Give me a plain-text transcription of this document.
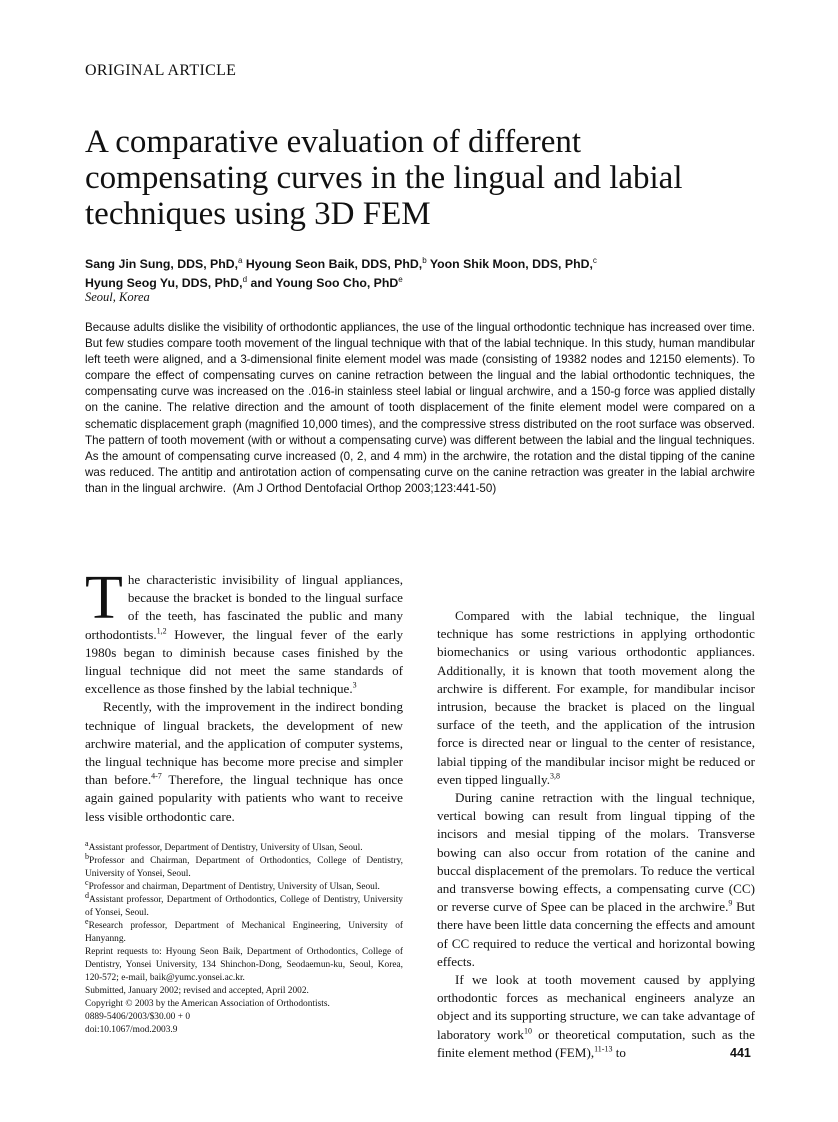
ORIGINAL ARTICLE
A comparative evaluation of different compensating curves in the lingual and labial techniques using 3D FEM
Sang Jin Sung, DDS, PhD,$^a$ Hyoung Seon Baik, DDS, PhD,$^b$ Yoon Shik Moon, DDS, PhD,$^c$
Hyung Seog Yu, DDS, PhD,$^d$ and Young Soo Cho, PhD$^e$
Seoul, Korea

Because adults dislike the visibility of orthodontic appliances, the use of the lingual orthodontic technique has increased over time. But few studies compare tooth movement of the lingual technique with that of the labial technique. In this study, human mandibular left teeth were aligned, and a 3-dimensional finite element model was made (consisting of 19382 nodes and 12150 elements). To compare the effect of compensating curves on canine retraction between the lingual and the labial orthodontic techniques, the compensating curve was increased on the .016-in stainless steel labial or lingual archwire, and a 150-g force was applied distally on the canine. The relative direction and the amount of tooth displacement of the finite element model were compared on a schematic displacement graph (magnified 10,000 times), and the compressive stress distributed on the root surface was observed. The pattern of tooth movement (with or without a compensating curve) was different between the labial and the lingual techniques. As the amount of compensating curve increased (0, 2, and 4 mm) in the archwire, the rotation and the distal tipping of the canine was reduced. The antitip and antirotation action of compensating curve on the canine retraction was greater in the labial archwire than in the lingual archwire. (Am J Orthod Dentofacial Orthop 2003;123:441-50)

The characteristic invisibility of lingual appliances, because the bracket is bonded to the lingual surface of the teeth, has fascinated the public and many orthodontists.$^{1,2}$ However, the lingual fever of the early 1980s began to diminish because cases finished by the lingual technique did not meet the same standards of excellence as those finshed by the labial technique.$^3$

Recently, with the improvement in the indirect bonding technique of lingual brackets, the development of new archwire material, and the application of computer systems, the lingual technique has become more precise and simpler than before.$^{4-7}$ Therefore, the lingual technique has once again gained popularity with patients who want to receive less visible orthodontic care.

$^a$Assistant professor, Department of Dentistry, University of Ulsan, Seoul.
$^b$Professor and Chairman, Department of Orthodontics, College of Dentistry, University of Yonsei, Seoul.
$^c$Professor and chairman, Department of Dentistry, University of Ulsan, Seoul.
$^d$Assistant professor, Department of Orthodontics, College of Dentistry, University of Yonsei, Seoul.
$^e$Research professor, Department of Mechanical Engineering, University of Hanyanng.
Reprint requests to: Hyoung Seon Baik, Department of Orthodontics, College of Dentistry, Yonsei University, 134 Shinchon-Dong, Seodaemun-ku, Seoul, Korea, 120-572; e-mail, baik@yumc.yonsei.ac.kr.
Submitted, January 2002; revised and accepted, April 2002.
Copyright © 2003 by the American Association of Orthodontists.
0889-5406/2003/$30.00 + 0
doi:10.1067/mod.2003.9

Compared with the labial technique, the lingual technique has some restrictions in applying orthodontic biomechanics or using various orthodontic appliances. Additionally, it is known that tooth movement along the archwire is different. For example, for mandibular incisor intrusion, because the bracket is placed on the lingual surface of the teeth, and the application of the intrusion force is directed near or lingual to the center of resistance, labial tipping of the mandibular incisor might be reduced or even tipped lingually.$^{3,8}$

During canine retraction with the lingual technique, vertical bowing can result from lingual tipping of the incisors and mesial tipping of the molars. Transverse bowing can also occur from rotation of the canine and buccal displacement of the premolars. To reduce the vertical and transverse bowing effects, a compensating curve (CC) or reverse curve of Spee can be placed in the archwire.$^9$ But there have been little data concerning the effects and amount of CC required to reduce the vertical and horizontal bowing effects.

If we look at tooth movement caused by applying orthodontic forces as mechanical engineers analyze an object and its supporting structure, we can take advantage of laboratory work$^{10}$ or theoretical computation, such as the finite element method (FEM),$^{11-13}$ to	441
